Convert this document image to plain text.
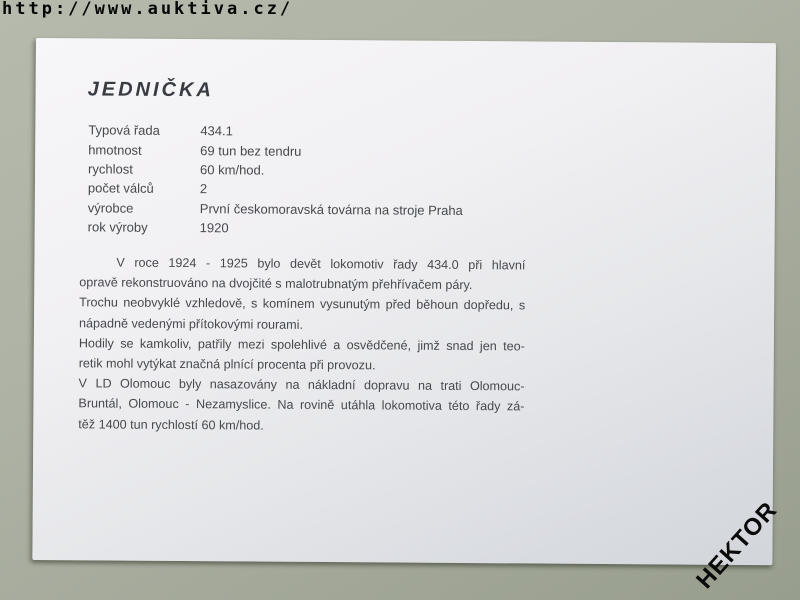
http://www.auktiva.cz/
JEDNIČKA
Typová řada	434.1
hmotnost	69 tun bez tendru
rychlost	60 km/hod.
počet válců	2
výrobce	První českomoravská továrna na stroje Praha
rok výroby	1920
V roce 1924 - 1925 bylo devět lokomotiv řady 434.0 při hlavní
opravě rekonstruováno na dvojčité s malotrubnatým přehřívačem páry.
Trochu neobvyklé vzhledově, s komínem vysunutým před běhoun dopředu, s
nápadně vedenými přítokovými rourami.
Hodily se kamkoliv, patřily mezi spolehlivé a osvědčené, jimž snad jen teo-
retik mohl vytýkat značná plnící procenta při provozu.
V LD Olomouc byly nasazovány na nákladní dopravu na trati Olomouc-
Bruntál, Olomouc - Nezamyslice. Na rovině utáhla lokomotiva této řady zá-
těž 1400 tun rychlostí 60 km/hod.
HEKTOR
